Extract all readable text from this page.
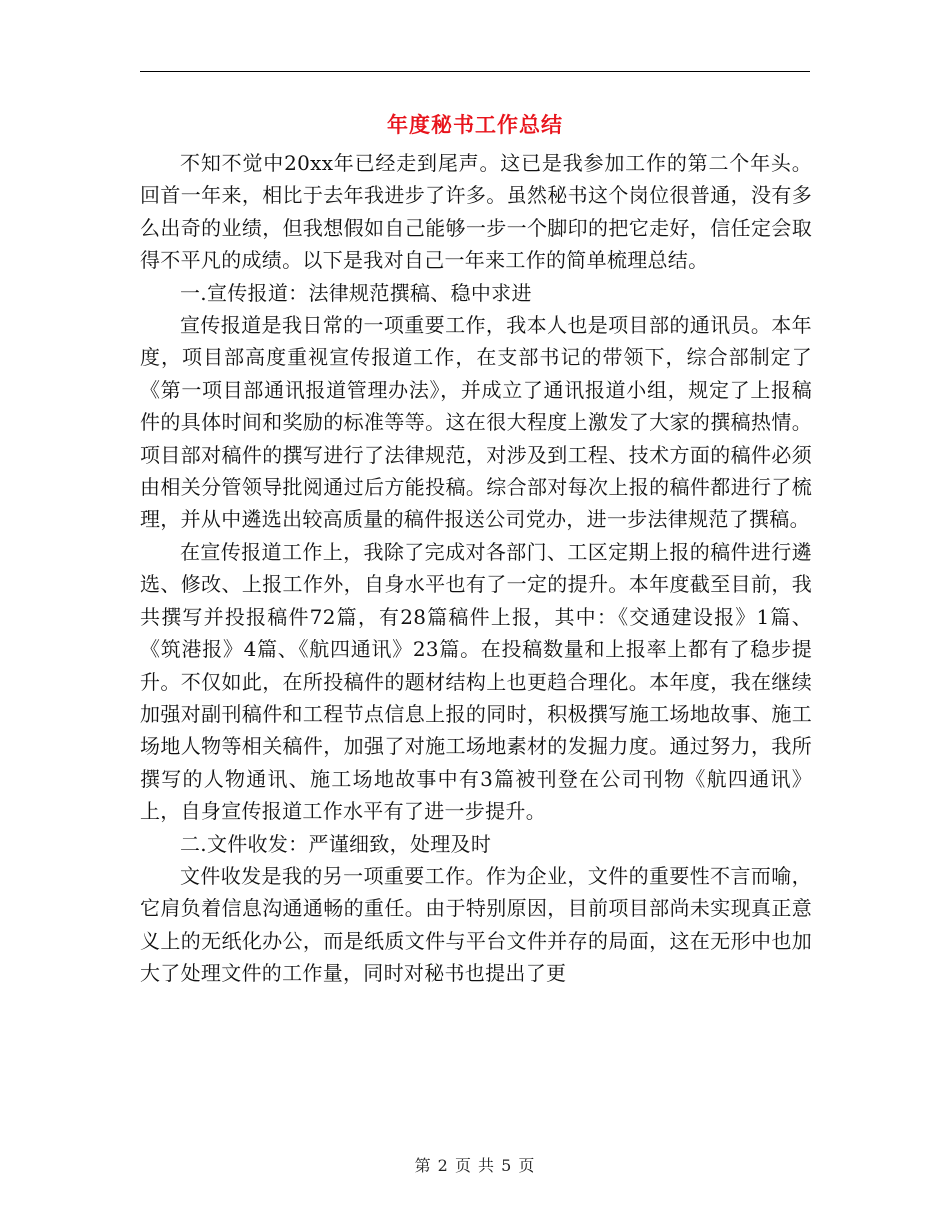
年度秘书工作总结

不知不觉中20xx年已经走到尾声。这已是我参加工作的第二个年头。回首一年来，相比于去年我进步了许多。虽然秘书这个岗位很普通，没有多么出奇的业绩，但我想假如自己能够一步一个脚印的把它走好，信任定会取得不平凡的成绩。以下是我对自己一年来工作的简单梳理总结。

一.宣传报道：法律规范撰稿、稳中求进

宣传报道是我日常的一项重要工作，我本人也是项目部的通讯员。本年度，项目部高度重视宣传报道工作，在支部书记的带领下，综合部制定了《第一项目部通讯报道管理办法》，并成立了通讯报道小组，规定了上报稿件的具体时间和奖励的标准等等。这在很大程度上激发了大家的撰稿热情。项目部对稿件的撰写进行了法律规范，对涉及到工程、技术方面的稿件必须由相关分管领导批阅通过后方能投稿。综合部对每次上报的稿件都进行了梳理，并从中遴选出较高质量的稿件报送公司党办，进一步法律规范了撰稿。

在宣传报道工作上，我除了完成对各部门、工区定期上报的稿件进行遴选、修改、上报工作外，自身水平也有了一定的提升。本年度截至目前，我共撰写并投报稿件72篇，有28篇稿件上报，其中：《交通建设报》1篇、《筑港报》4篇、《航四通讯》23篇。在投稿数量和上报率上都有了稳步提升。不仅如此，在所投稿件的题材结构上也更趋合理化。本年度，我在继续加强对副刊稿件和工程节点信息上报的同时，积极撰写施工场地故事、施工场地人物等相关稿件，加强了对施工场地素材的发掘力度。通过努力，我所撰写的人物通讯、施工场地故事中有3篇被刊登在公司刊物《航四通讯》上，自身宣传报道工作水平有了进一步提升。

二.文件收发：严谨细致，处理及时

文件收发是我的另一项重要工作。作为企业，文件的重要性不言而喻，它肩负着信息沟通通畅的重任。由于特别原因，目前项目部尚未实现真正意义上的无纸化办公，而是纸质文件与平台文件并存的局面，这在无形中也加大了处理文件的工作量，同时对秘书也提出了更

第 2 页 共 5 页
